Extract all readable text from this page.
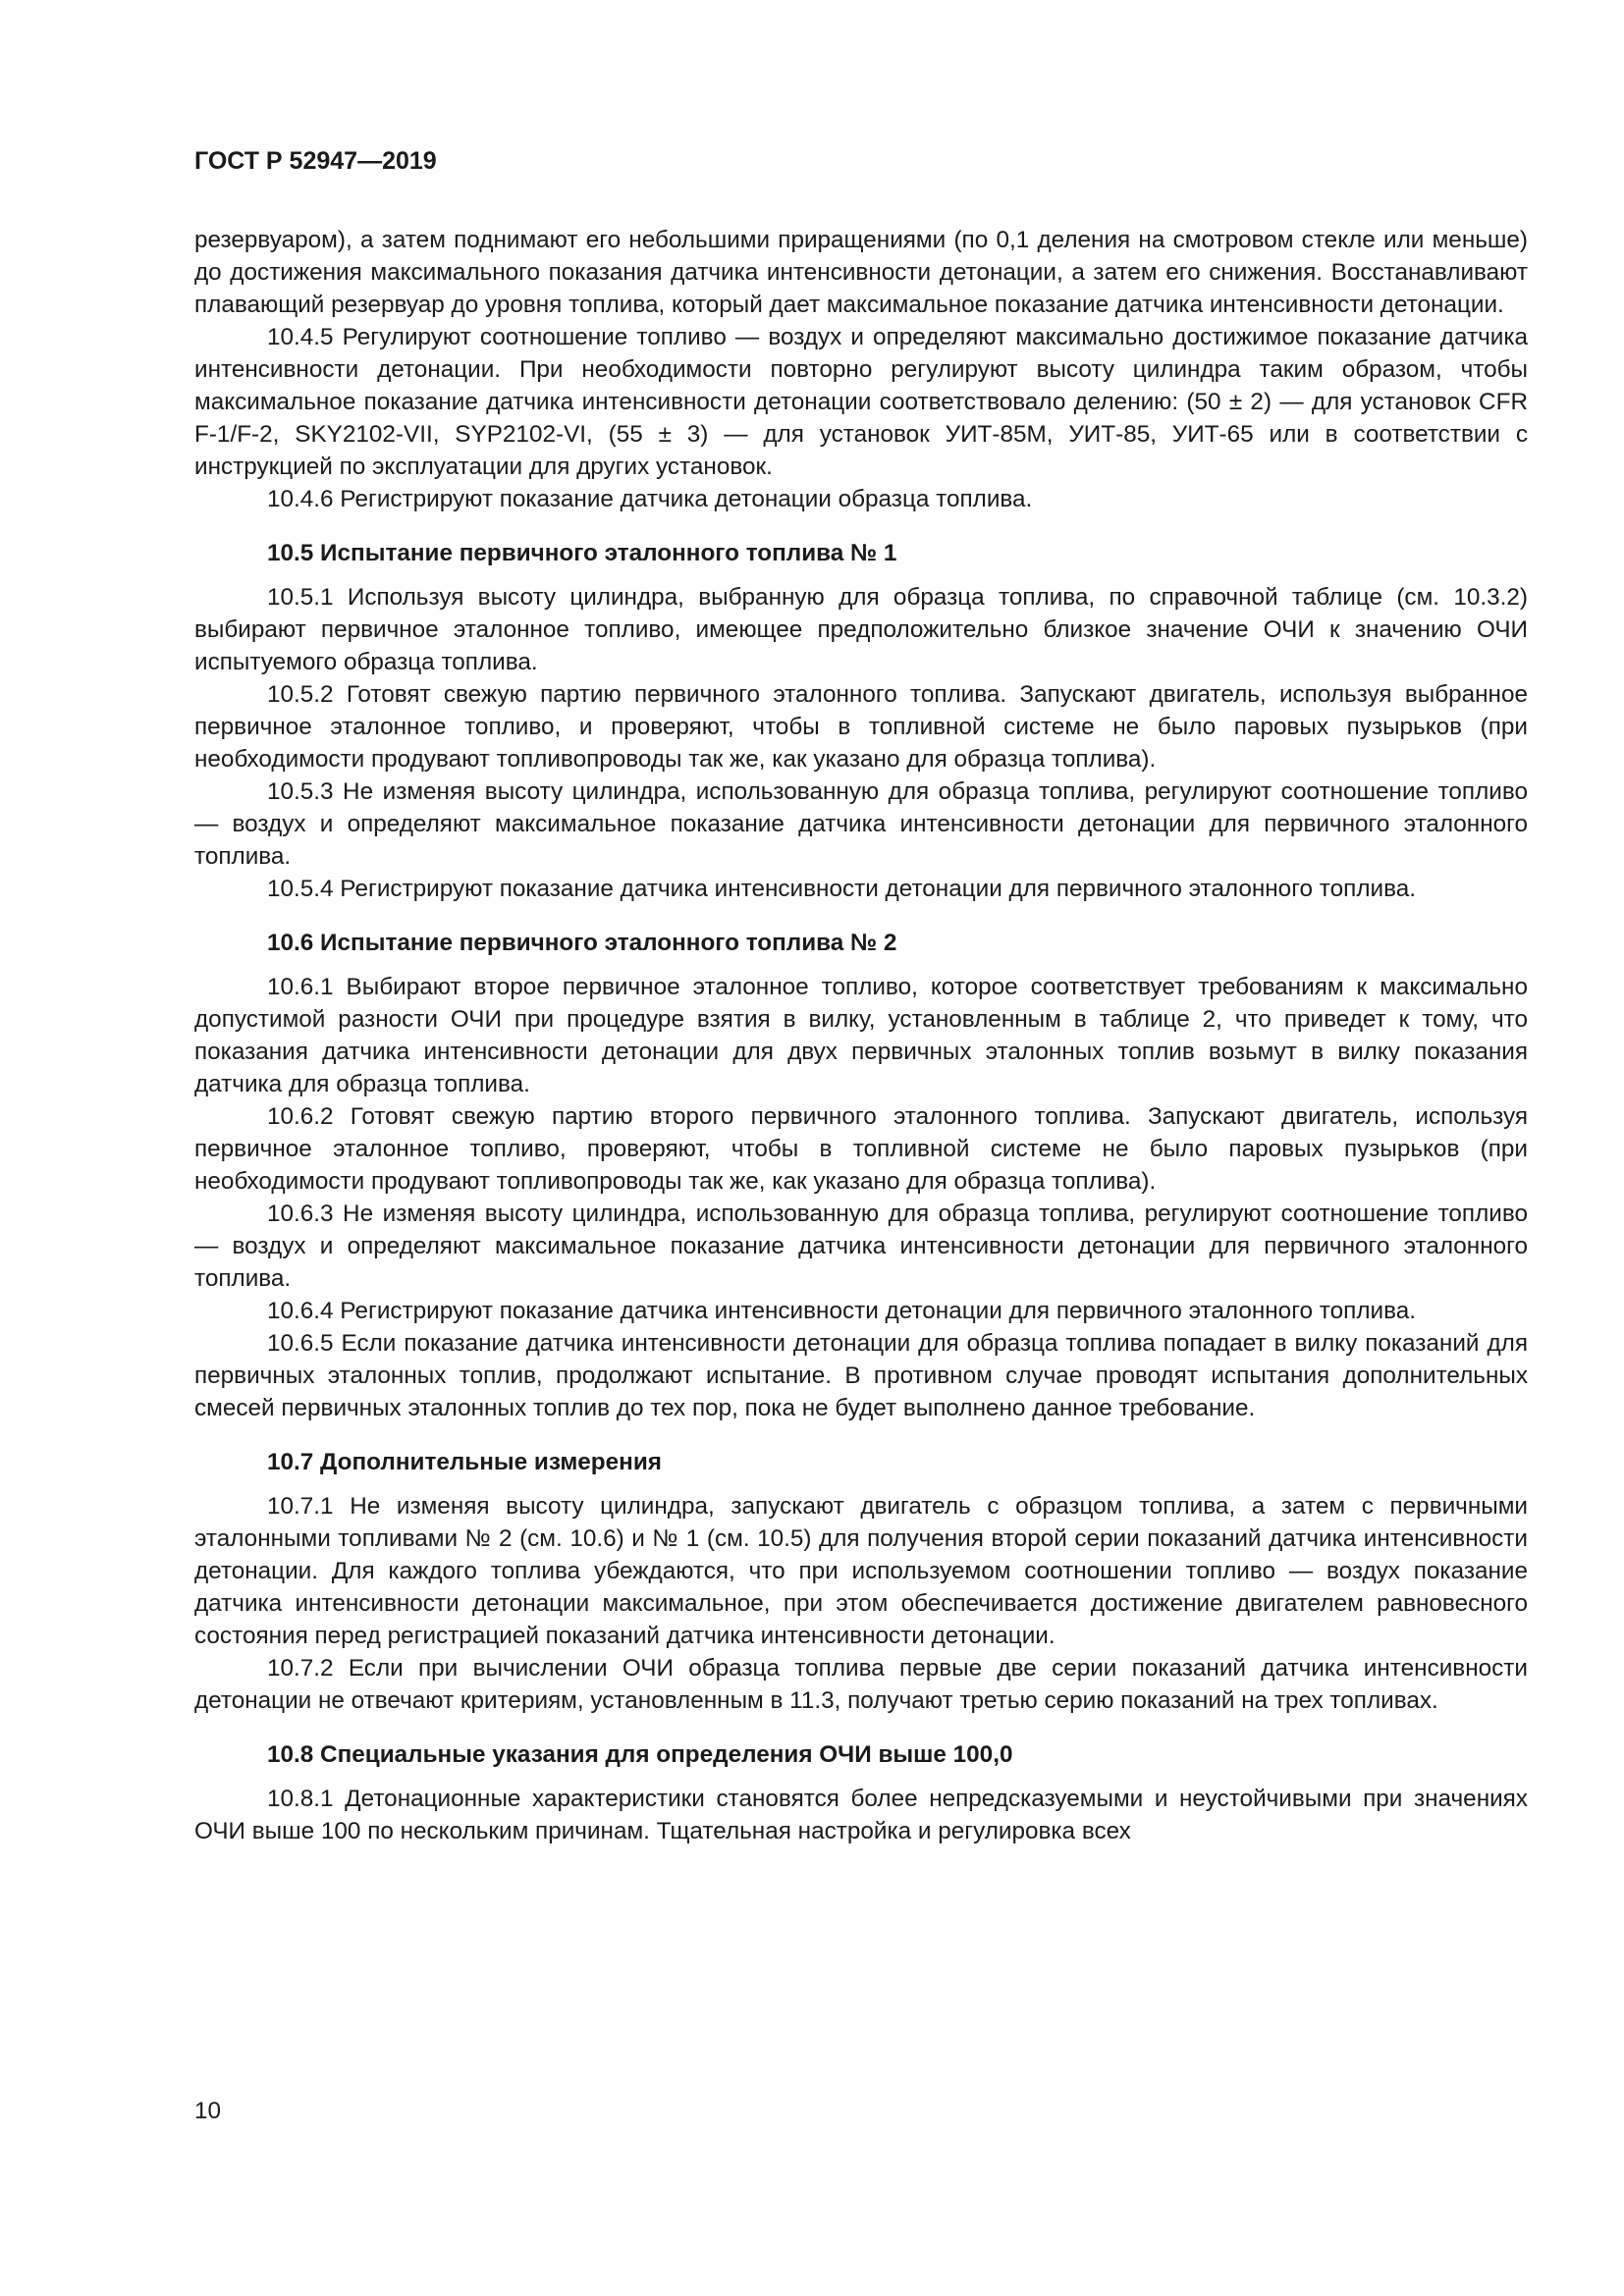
ГОСТ Р 52947—2019

резервуаром), а затем поднимают его небольшими приращениями (по 0,1 деления на смотровом стекле или меньше) до достижения максимального показания датчика интенсивности детонации, а затем его снижения. Восстанавливают плавающий резервуар до уровня топлива, который дает максимальное показание датчика интенсивности детонации.

10.4.5 Регулируют соотношение топливо — воздух и определяют максимально достижимое показание датчика интенсивности детонации. При необходимости повторно регулируют высоту цилиндра таким образом, чтобы максимальное показание датчика интенсивности детонации соответствовало делению: (50 ± 2) — для установок CFR F-1/F-2, SKY2102-VII, SYP2102-VI, (55 ± 3) — для установок УИТ-85М, УИТ-85, УИТ-65 или в соответствии с инструкцией по эксплуатации для других установок.

10.4.6 Регистрируют показание датчика детонации образца топлива.

10.5 Испытание первичного эталонного топлива № 1

10.5.1 Используя высоту цилиндра, выбранную для образца топлива, по справочной таблице (см. 10.3.2) выбирают первичное эталонное топливо, имеющее предположительно близкое значение ОЧИ к значению ОЧИ испытуемого образца топлива.

10.5.2 Готовят свежую партию первичного эталонного топлива. Запускают двигатель, используя выбранное первичное эталонное топливо, и проверяют, чтобы в топливной системе не было паровых пузырьков (при необходимости продувают топливопроводы так же, как указано для образца топлива).

10.5.3 Не изменяя высоту цилиндра, использованную для образца топлива, регулируют соотношение топливо — воздух и определяют максимальное показание датчика интенсивности детонации для первичного эталонного топлива.

10.5.4 Регистрируют показание датчика интенсивности детонации для первичного эталонного топлива.

10.6 Испытание первичного эталонного топлива № 2

10.6.1 Выбирают второе первичное эталонное топливо, которое соответствует требованиям к максимально допустимой разности ОЧИ при процедуре взятия в вилку, установленным в таблице 2, что приведет к тому, что показания датчика интенсивности детонации для двух первичных эталонных топлив возьмут в вилку показания датчика для образца топлива.

10.6.2 Готовят свежую партию второго первичного эталонного топлива. Запускают двигатель, используя первичное эталонное топливо, проверяют, чтобы в топливной системе не было паровых пузырьков (при необходимости продувают топливопроводы так же, как указано для образца топлива).

10.6.3 Не изменяя высоту цилиндра, использованную для образца топлива, регулируют соотношение топливо — воздух и определяют максимальное показание датчика интенсивности детонации для первичного эталонного топлива.

10.6.4 Регистрируют показание датчика интенсивности детонации для первичного эталонного топлива.

10.6.5 Если показание датчика интенсивности детонации для образца топлива попадает в вилку показаний для первичных эталонных топлив, продолжают испытание. В противном случае проводят испытания дополнительных смесей первичных эталонных топлив до тех пор, пока не будет выполнено данное требование.

10.7 Дополнительные измерения

10.7.1 Не изменяя высоту цилиндра, запускают двигатель с образцом топлива, а затем с первичными эталонными топливами № 2 (см. 10.6) и № 1 (см. 10.5) для получения второй серии показаний датчика интенсивности детонации. Для каждого топлива убеждаются, что при используемом соотношении топливо — воздух показание датчика интенсивности детонации максимальное, при этом обеспечивается достижение двигателем равновесного состояния перед регистрацией показаний датчика интенсивности детонации.

10.7.2 Если при вычислении ОЧИ образца топлива первые две серии показаний датчика интенсивности детонации не отвечают критериям, установленным в 11.3, получают третью серию показаний на трех топливах.

10.8 Специальные указания для определения ОЧИ выше 100,0

10.8.1 Детонационные характеристики становятся более непредсказуемыми и неустойчивыми при значениях ОЧИ выше 100 по нескольким причинам. Тщательная настройка и регулировка всех

10
